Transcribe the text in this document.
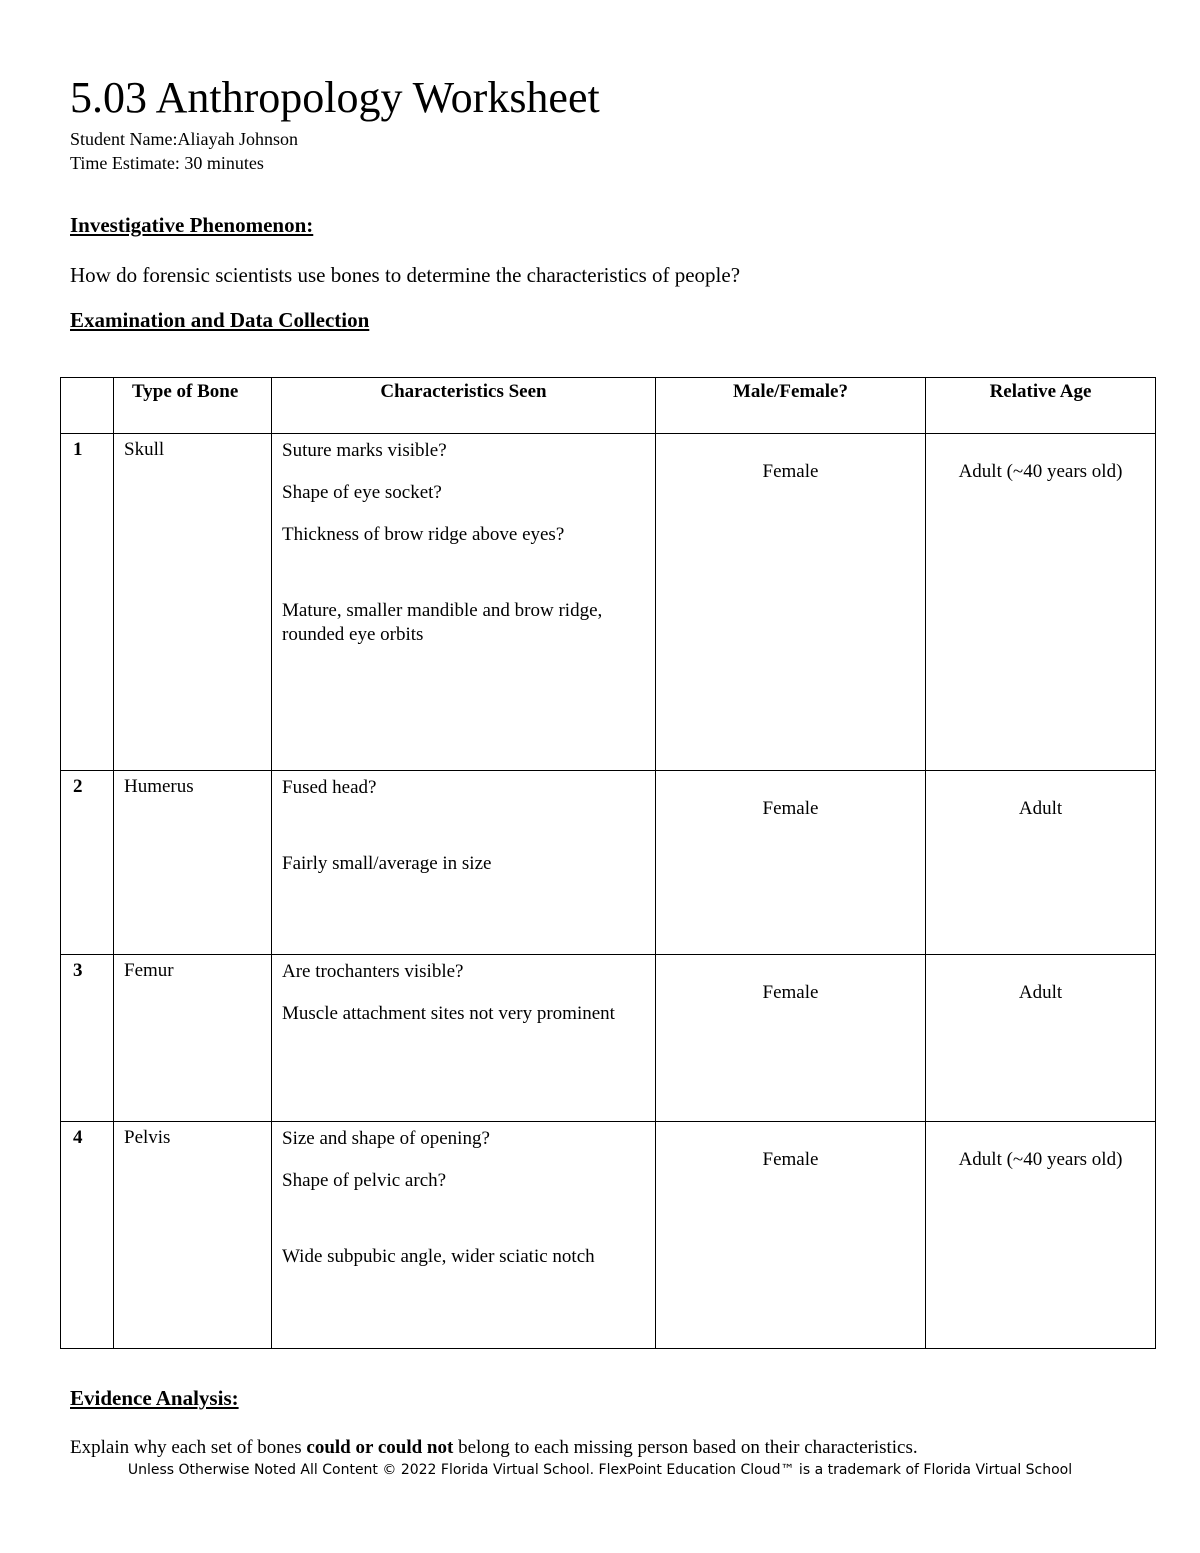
5.03 Anthropology Worksheet
Student Name:Aliayah Johnson
Time Estimate: 30 minutes
Investigative Phenomenon:
How do forensic scientists use bones to determine the characteristics of people?
Examination and Data Collection
	Type of Bone	Characteristics Seen	Male/Female?	Relative Age
1	Skull	Suture marks visible?

Shape of eye socket?

Thickness of brow ridge above eyes?

Mature, smaller mandible and brow ridge, rounded eye orbits	Female	Adult (~40 years old)
2	Humerus	Fused head?

Fairly small/average in size	Female	Adult
3	Femur	Are trochanters visible?

Muscle attachment sites not very prominent	Female	Adult
4	Pelvis	Size and shape of opening?

Shape of pelvic arch?

Wide subpubic angle, wider sciatic notch	Female	Adult (~40 years old)
Evidence Analysis:
Explain why each set of bones could or could not belong to each missing person based on their characteristics.
Unless Otherwise Noted All Content © 2022 Florida Virtual School. FlexPoint Education Cloud™ is a trademark of Florida Virtual School
